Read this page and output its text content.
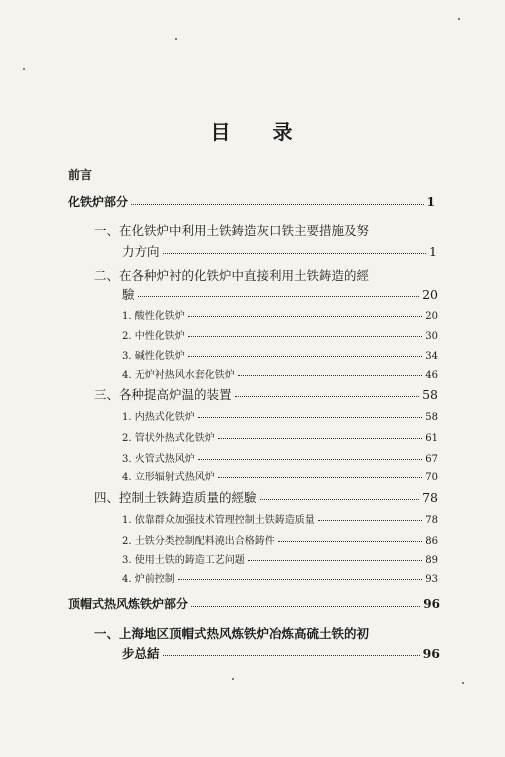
目 录
前言
化铁炉部分	1
一、在化铁炉中利用土铁鋳造灰口铁主要措施及努
力方向	1
二、在各种炉衬的化铁炉中直接利用土铁鋳造的經
驗	20
1. 酸性化铁炉	20
2. 中性化铁炉	30
3. 碱性化铁炉	34
4. 无炉衬热风水套化铁炉	46
三、各种提高炉温的装置	58
1. 内热式化铁炉	58
2. 管状外热式化铁炉	61
3. 火管式热风炉	67
4. 立形辐射式热风炉	70
四、控制土铁鋳造质量的經驗	78
1. 依靠群众加强技术管理控制土铁鋳造质量	78
2. 土铁分类控制配料澆出合格鋳件	86
3. 使用土铁的鋳造工艺问题	89
4. 炉前控制	93
顶帽式热风炼铁炉部分	96
一、上海地区顶帽式热风炼铁炉冶炼高硫土铁的初
步总結	96
